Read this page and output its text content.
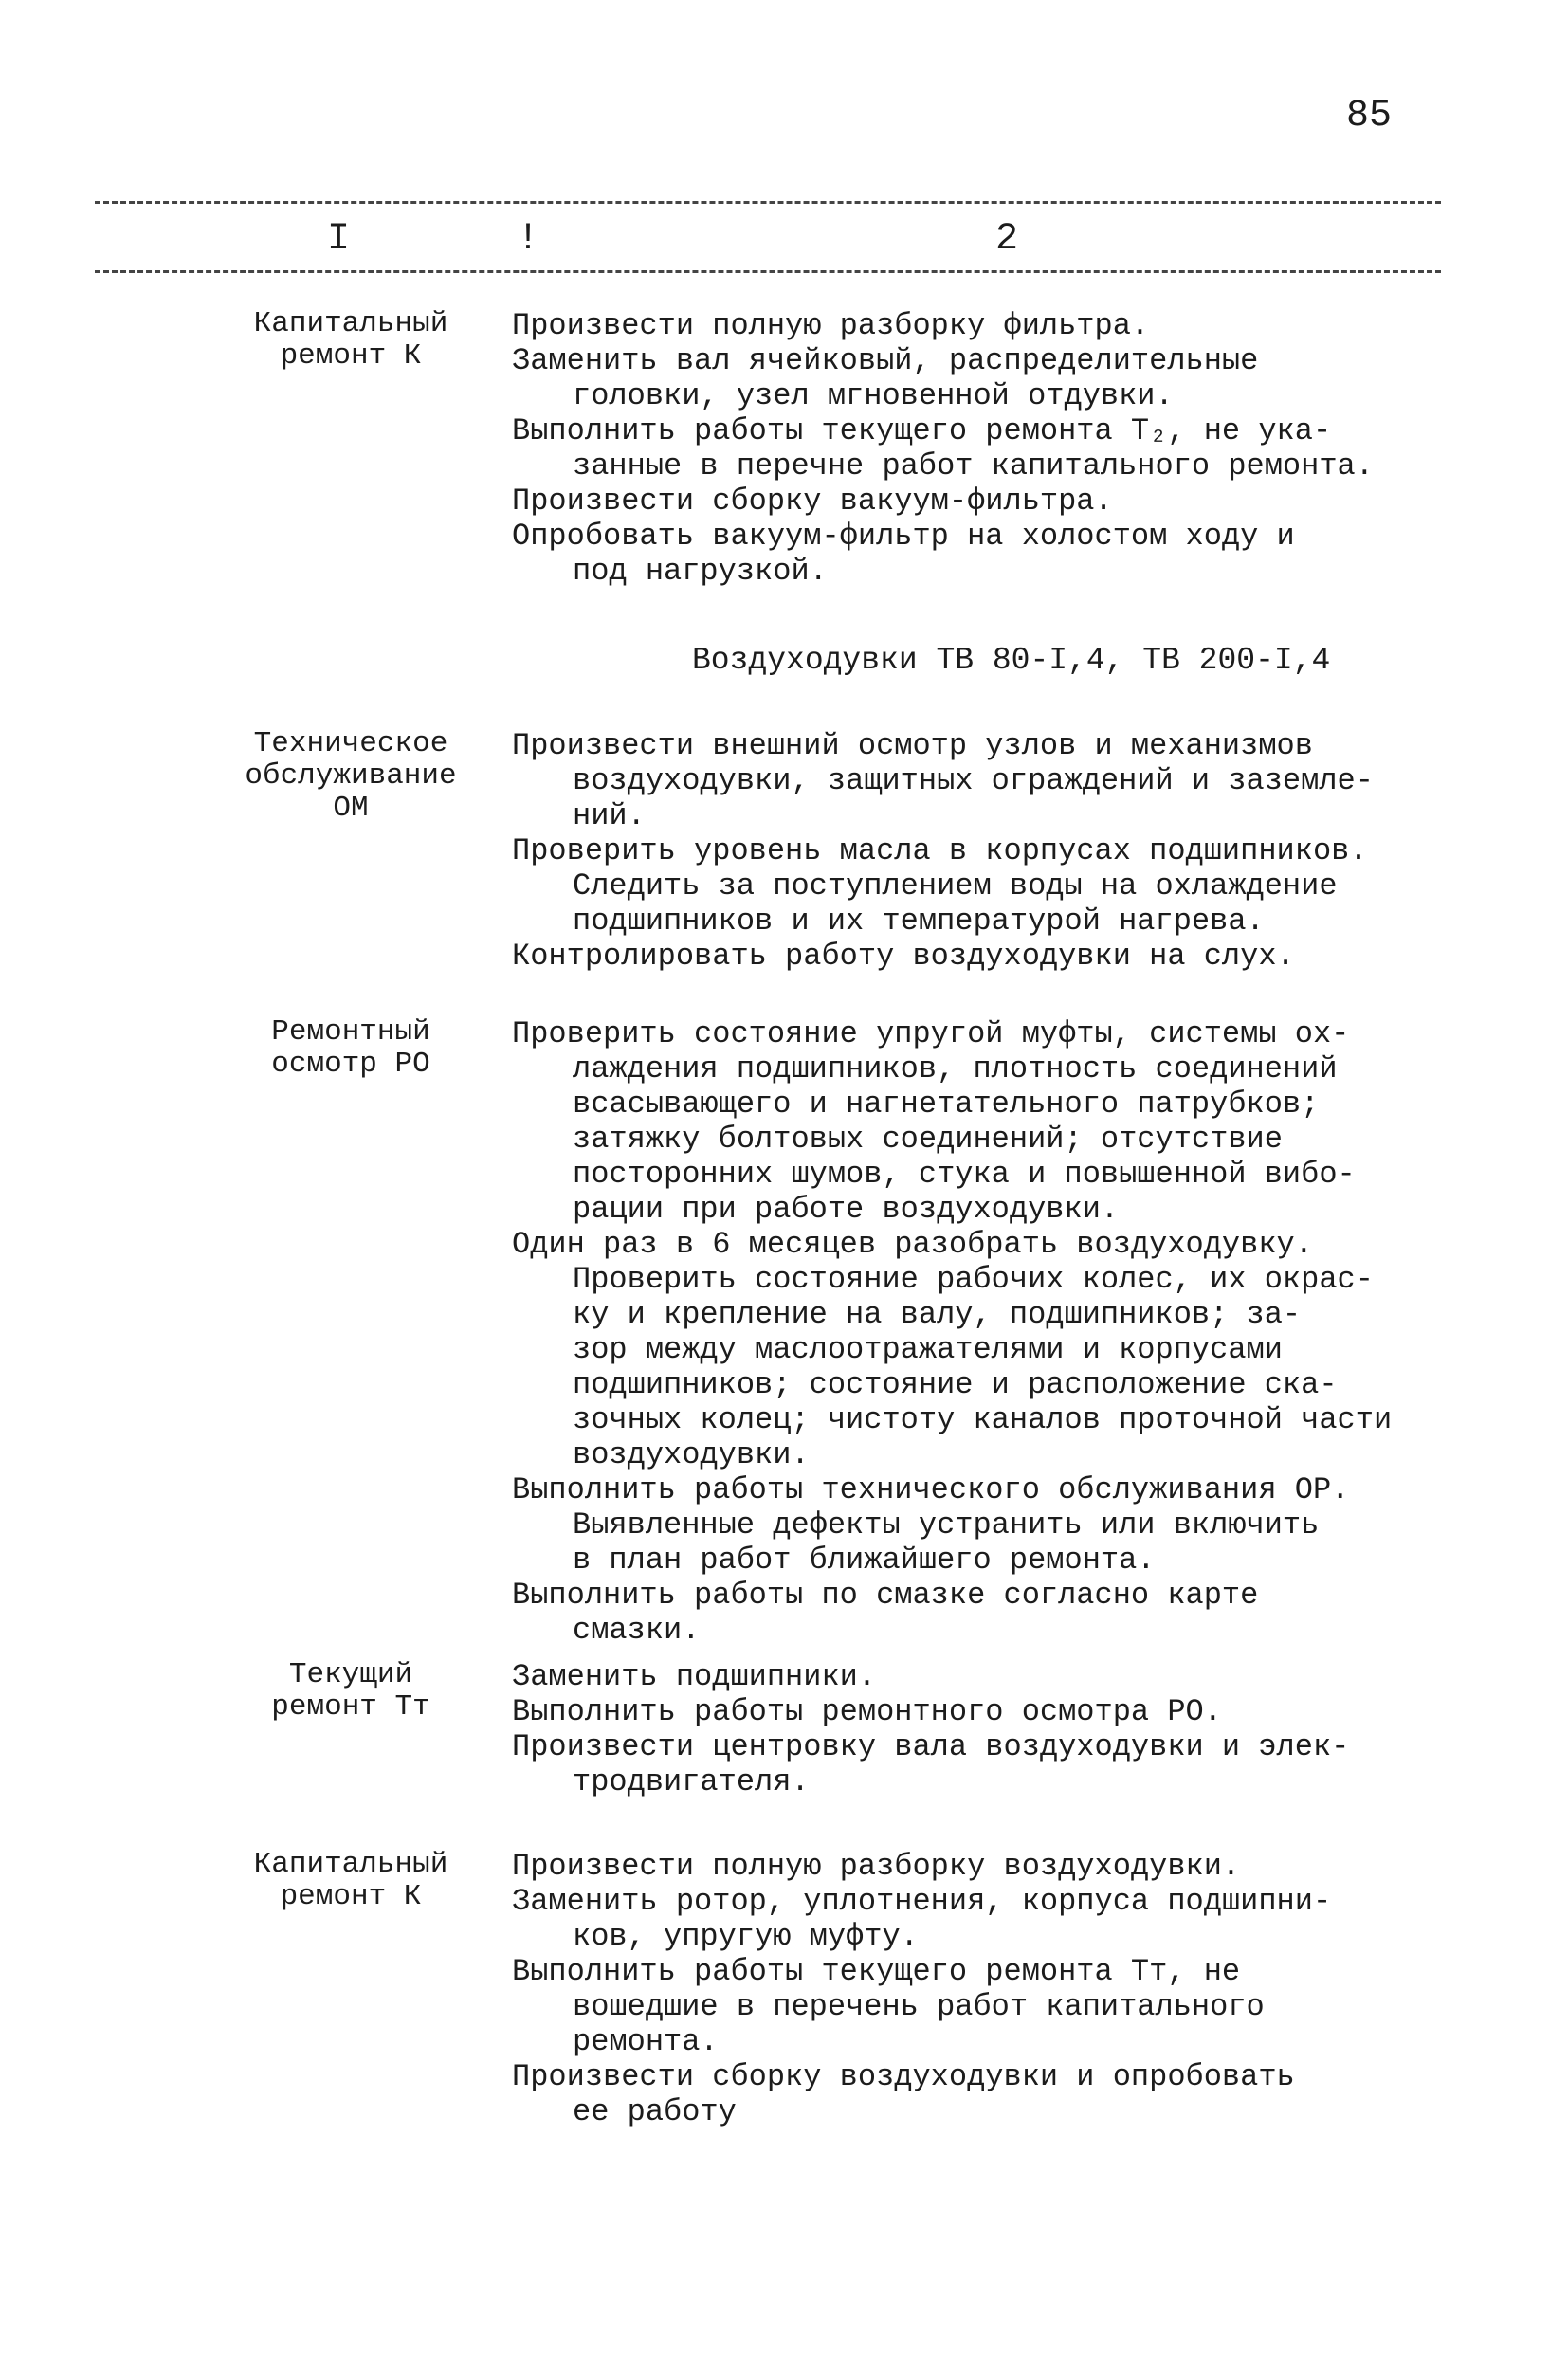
85
I	!	2
Капитальный
ремонт К
Произвести полную разборку фильтра.
Заменить вал ячейковый, распределительные
головки, узел мгновенной отдувки.
Выполнить работы текущего ремонта Т₂, не ука-
занные в перечне работ капитального ремонта.
Произвести сборку вакуум-фильтра.
Опробовать вакуум-фильтр на холостом ходу и
под нагрузкой.
Воздуходувки ТВ 80-I,4, ТВ 200-I,4
Техническое
обслуживание
ОМ
Произвести внешний осмотр узлов и механизмов
воздуходувки, защитных ограждений и заземле-
ний.
Проверить уровень масла в корпусах подшипников.
Следить за поступлением воды на охлаждение
подшипников и их температурой нагрева.
Контролировать работу воздуходувки на слух.
Ремонтный
осмотр РО
Проверить состояние упругой муфты, системы ох-
лаждения подшипников, плотность соединений
всасывающего и нагнетательного патрубков;
затяжку болтовых соединений; отсутствие
посторонних шумов, стука и повышенной вибо-
рации при работе воздуходувки.
Один раз в 6 месяцев разобрать воздуходувку.
Проверить состояние рабочих колес, их окрас-
ку и крепление на валу, подшипников; за-
зор между маслоотражателями и корпусами
подшипников; состояние и расположение ска-
зочных колец; чистоту каналов проточной части
воздуходувки.
Выполнить работы технического обслуживания ОР.
Выявленные дефекты устранить или включить
в план работ ближайшего ремонта.
Выполнить работы по смазке согласно карте
смазки.
Текущий
ремонт Тт
Заменить подшипники.
Выполнить работы ремонтного осмотра РО.
Произвести центровку вала воздуходувки и элек-
тродвигателя.
Капитальный
ремонт К
Произвести полную разборку воздуходувки.
Заменить ротор, уплотнения, корпуса подшипни-
ков, упругую муфту.
Выполнить работы текущего ремонта Тт, не
вошедшие в перечень работ капитального
ремонта.
Произвести сборку воздуходувки и опробовать
ее работу
